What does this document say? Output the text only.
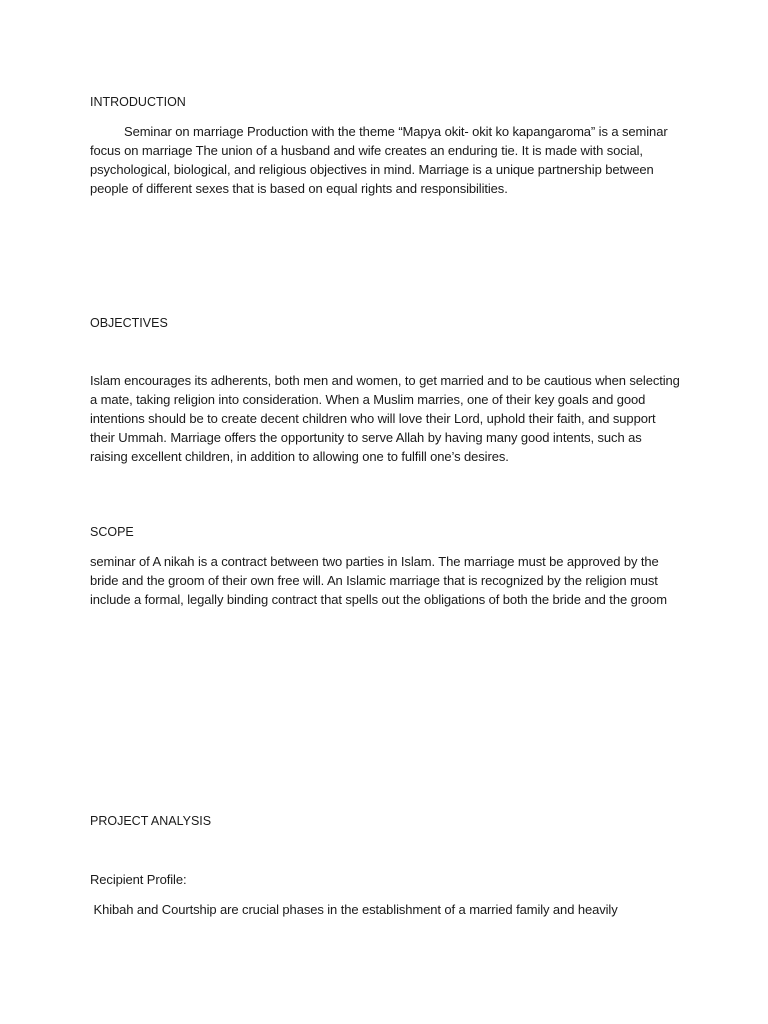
INTRODUCTION

Seminar on marriage Production with the theme “Mapya okit- okit ko kapangaroma” is a seminar focus on marriage The union of a husband and wife creates an enduring tie. It is made with social, psychological, biological, and religious objectives in mind. Marriage is a unique partnership between people of different sexes that is based on equal rights and responsibilities.

OBJECTIVES

Islam encourages its adherents, both men and women, to get married and to be cautious when selecting a mate, taking religion into consideration. When a Muslim marries, one of their key goals and good intentions should be to create decent children who will love their Lord, uphold their faith, and support their Ummah. Marriage offers the opportunity to serve Allah by having many good intents, such as raising excellent children, in addition to allowing one to fulfill one’s desires.

SCOPE

seminar of A nikah is a contract between two parties in Islam. The marriage must be approved by the bride and the groom of their own free will. An Islamic marriage that is recognized by the religion must include a formal, legally binding contract that spells out the obligations of both the bride and the groom

PROJECT ANALYSIS
Recipient Profile:

Khibah and Courtship are crucial phases in the establishment of a married family and heavily
